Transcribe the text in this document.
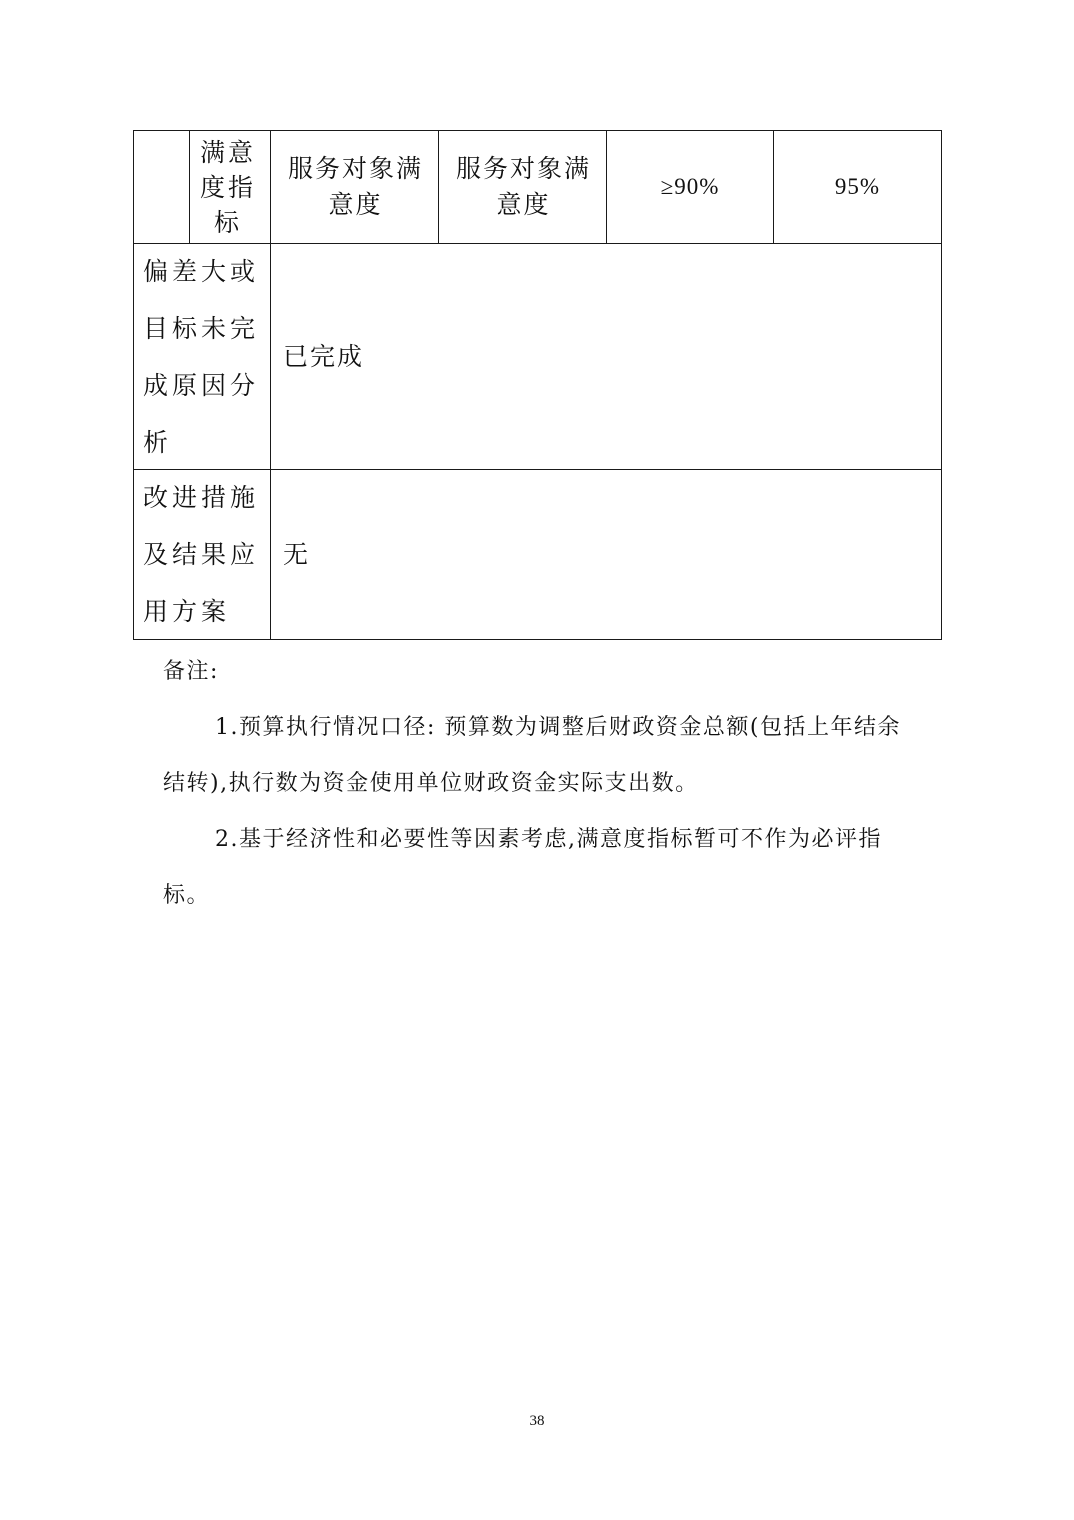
满意度指标
服务对象满意度
服务对象满意度
≥90%	95%
偏差大或目标未完成原因分析
已完成
改进措施及结果应用方案
无

备注:

1.预算执行情况口径: 预算数为调整后财政资金总额(包括上年结余结转),执行数为资金使用单位财政资金实际支出数。

2.基于经济性和必要性等因素考虑,满意度指标暂可不作为必评指标。

38
